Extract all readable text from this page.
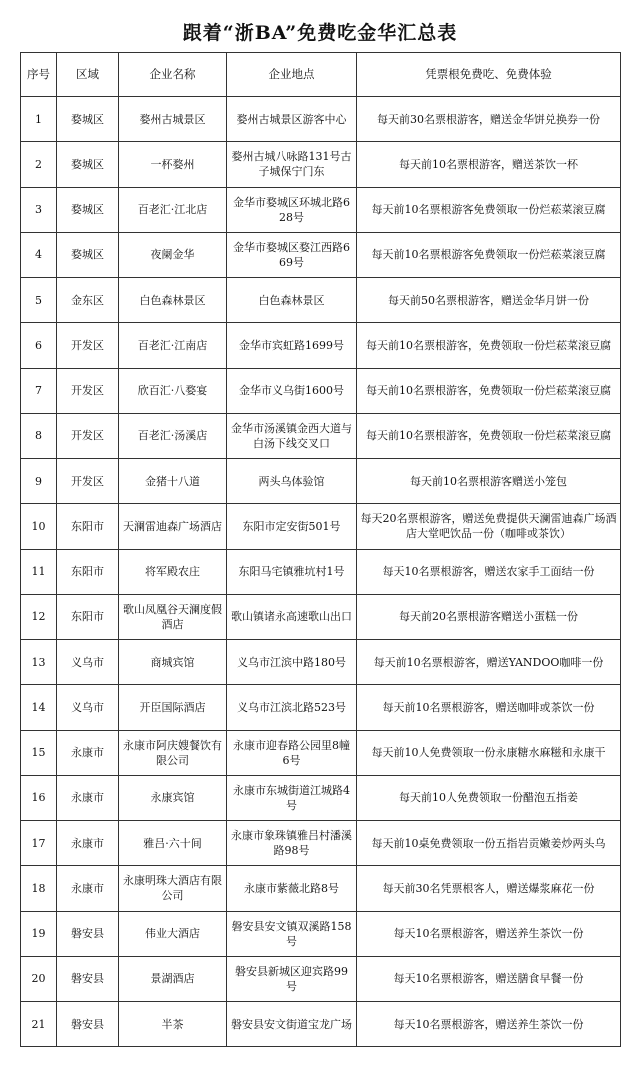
跟着“浙BA”免费吃金华汇总表
序号	区域	企业名称	企业地点	凭票根免费吃、免费体验
1	婺城区	婺州古城景区	婺州古城景区游客中心	每天前30名票根游客，赠送金华饼兑换券一份
2	婺城区	一杯婺州	婺州古城八咏路131号古子城保宁门东	每天前10名票根游客，赠送茶饮一杯
3	婺城区	百老汇·江北店	金华市婺城区环城北路628号	每天前10名票根游客免费领取一份烂菘菜滚豆腐
4	婺城区	夜阑金华	金华市婺城区婺江西路669号	每天前10名票根游客免费领取一份烂菘菜滚豆腐
5	金东区	白色森林景区	白色森林景区	每天前50名票根游客，赠送金华月饼一份
6	开发区	百老汇·江南店	金华市宾虹路1699号	每天前10名票根游客，免费领取一份烂菘菜滚豆腐
7	开发区	欣百汇·八婺宴	金华市义乌街1600号	每天前10名票根游客，免费领取一份烂菘菜滚豆腐
8	开发区	百老汇·汤溪店	金华市汤溪镇金西大道与白汤下线交叉口	每天前10名票根游客，免费领取一份烂菘菜滚豆腐
9	开发区	金猪十八道	两头乌体验馆	每天前10名票根游客赠送小笼包
10	东阳市	天澜雷迪森广场酒店	东阳市定安街501号	每天20名票根游客，赠送免费提供天澜雷迪森广场酒店大堂吧饮品一份（咖啡或茶饮）
11	东阳市	将军殿农庄	东阳马宅镇雅坑村1号	每天10名票根游客，赠送农家手工面结一份
12	东阳市	歌山凤凰谷天澜度假酒店	歌山镇诸永高速歌山出口	每天前20名票根游客赠送小蛋糕一份
13	义乌市	商城宾馆	义乌市江滨中路180号	每天前10名票根游客，赠送YANDOO咖啡一份
14	义乌市	开臣国际酒店	义乌市江滨北路523号	每天前10名票根游客，赠送咖啡或茶饮一份
15	永康市	永康市阿庆嫂餐饮有限公司	永康市迎春路公园里8幢6号	每天前10人免费领取一份永康糖水麻糍和永康干
16	永康市	永康宾馆	永康市东城街道江城路4号	每天前10人免费领取一份醋泡五指姜
17	永康市	雅吕·六十间	永康市象珠镇雅吕村潘溪路98号	每天前10桌免费领取一份五指岩贡嫩姜炒两头乌
18	永康市	永康明珠大酒店有限公司	永康市紫薇北路8号	每天前30名凭票根客人，赠送爆浆麻花一份
19	磐安县	伟业大酒店	磐安县安文镇双溪路158号	每天10名票根游客，赠送养生茶饮一份
20	磐安县	景湖酒店	磐安县新城区迎宾路99号	每天10名票根游客，赠送膳食早餐一份
21	磐安县	半茶	磐安县安文街道宝龙广场	每天10名票根游客，赠送养生茶饮一份
